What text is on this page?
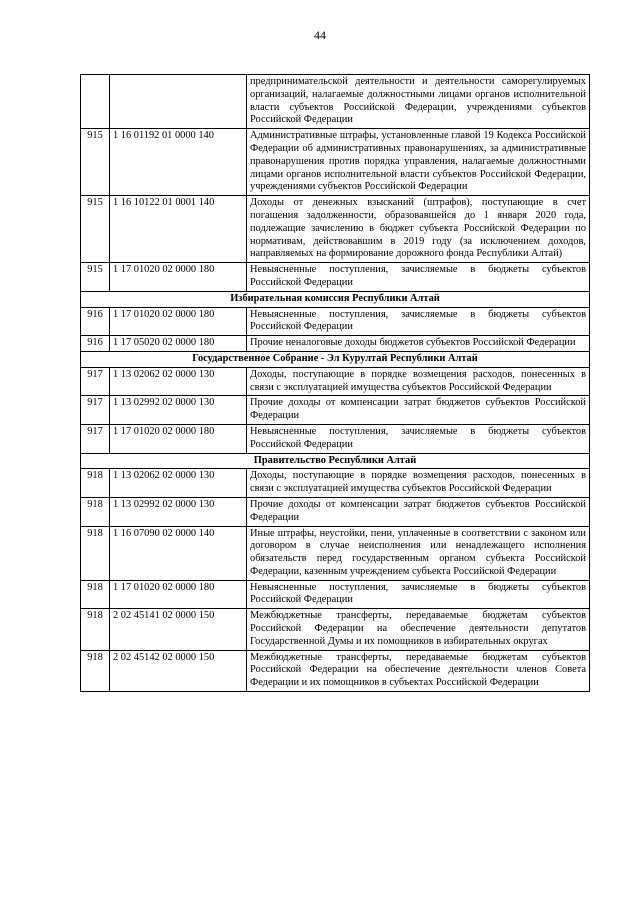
44
		предпринимательской деятельности и деятельности саморегулируемых организаций, налагаемые должностными лицами органов исполнительной власти субъектов Российской Федерации, учреждениями субъектов Российской Федерации
915	1 16 01192 01 0000 140	Административные штрафы, установленные главой 19 Кодекса Российской Федерации об административных правонарушениях, за административные правонарушения против порядка управления, налагаемые должностными лицами органов исполнительной власти субъектов Российской Федерации, учреждениями субъектов Российской Федерации
915	1 16 10122 01 0001 140	Доходы от денежных взысканий (штрафов), поступающие в счет погашения задолженности, образовавшейся до 1 января 2020 года, подлежащие зачислению в бюджет субъекта Российской Федерации по нормативам, действовавшим в 2019 году (за исключением доходов, направляемых на формирование дорожного фонда Республики Алтай)
915	1 17 01020 02 0000 180	Невыясненные поступления, зачисляемые в бюджеты субъектов Российской Федерации
Избирательная комиссия Республики Алтай		
916	1 17 01020 02 0000 180	Невыясненные поступления, зачисляемые в бюджеты субъектов Российской Федерации
916	1 17 05020 02 0000 180	Прочие неналоговые доходы бюджетов субъектов Российской Федерации
Государственное Собрание - Эл Курултай Республики Алтай		
917	1 13 02062 02 0000 130	Доходы, поступающие в порядке возмещения расходов, понесенных в связи с эксплуатацией имущества субъектов Российской Федерации
917	1 13 02992 02 0000 130	Прочие доходы от компенсации затрат бюджетов субъектов Российской Федерации
917	1 17 01020 02 0000 180	Невыясненные поступления, зачисляемые в бюджеты субъектов Российской Федерации
Правительство Республики Алтай		
918	1 13 02062 02 0000 130	Доходы, поступающие в порядке возмещения расходов, понесенных в связи с эксплуатацией имущества субъектов Российской Федерации
918	1 13 02992 02 0000 130	Прочие доходы от компенсации затрат бюджетов субъектов Российской Федерации
918	1 16 07090 02 0000 140	Иные штрафы, неустойки, пени, уплаченные в соответствии с законом или договором в случае неисполнения или ненадлежащего исполнения обязательств перед государственным органом субъекта Российской Федерации, казенным учреждением субъекта Российской Федерации
918	1 17 01020 02 0000 180	Невыясненные поступления, зачисляемые в бюджеты субъектов Российской Федерации
918	2 02 45141 02 0000 150	Межбюджетные трансферты, передаваемые бюджетам субъектов Российской Федерации на обеспечение деятельности депутатов Государственной Думы и их помощников в избирательных округах
918	2 02 45142 02 0000 150	Межбюджетные трансферты, передаваемые бюджетам субъектов Российской Федерации на обеспечение деятельности членов Совета Федерации и их помощников в субъектах Российской Федерации
